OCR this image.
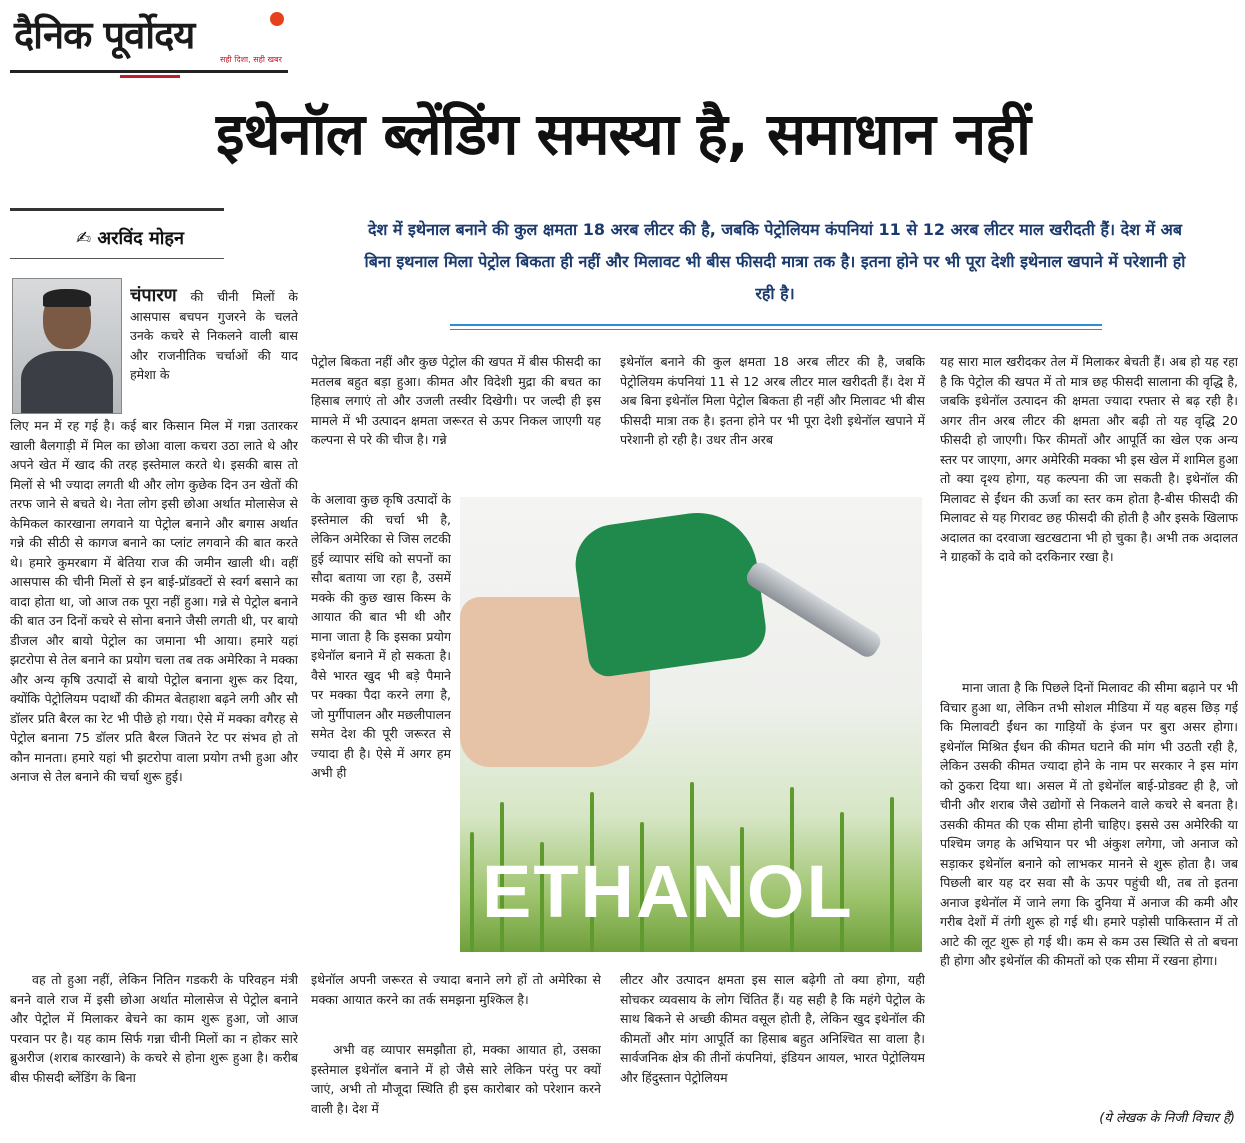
दैनिक पूर्वोदय
सही दिशा, सही खबर
इथेनॉल ब्लेंडिंग समस्या है, समाधान नहीं
✍ अरविंद मोहन	देश में इथेनाल बनाने की कुल क्षमता 18 अरब लीटर की है, जबकि पेट्रोलियम कंपनियां 11 से 12 अरब लीटर माल खरीदती हैं। देश में अब बिना इथनाल मिला पेट्रोल बिकता ही नहीं और मिलावट भी बीस फीसदी मात्रा तक है। इतना होने पर भी पूरा देशी इथेनाल खपाने में परेशानी हो रही है।
चंपारण की चीनी मिलों के आसपास बचपन गुजरने के चलते उनके कचरे से निकलने वाली बास और राजनीतिक चर्चाओं की याद हमेशा के
लिए मन में रह गई है। कई बार किसान मिल में गन्ना उतारकर खाली बैलगाड़ी में मिल का छोआ वाला कचरा उठा लाते थे और अपने खेत में खाद की तरह इस्तेमाल करते थे। इसकी बास तो मिलों से भी ज्यादा लगती थी और लोग कुछेक दिन उन खेतों की तरफ जाने से बचते थे। नेता लोग इसी छोआ अर्थात मोलासेज से केमिकल कारखाना लगवाने या पेट्रोल बनाने और बगास अर्थात गन्ने की सीठी से कागज बनाने का प्लांट लगवाने की बात करते थे। हमारे कुमरबाग में बेतिया राज की जमीन खाली थी। वहीं आसपास की चीनी मिलों से इन बाई-प्रॉडक्टों से स्वर्ग बसाने का वादा होता था, जो आज तक पूरा नहीं हुआ। गन्ने से पेट्रोल बनाने की बात उन दिनों कचरे से सोना बनाने जैसी लगती थी, पर बायो डीजल और बायो पेट्रोल का जमाना भी आया। हमारे यहां झटरोपा से तेल बनाने का प्रयोग चला तब तक अमेरिका ने मक्का और अन्य कृषि उत्पादों से बायो पेट्रोल बनाना शुरू कर दिया, क्योंकि पेट्रोलियम पदार्थों की कीमत बेतहाशा बढ़ने लगी और सौ डॉलर प्रति बैरल का रेट भी पीछे हो गया। ऐसे में मक्का वगैरह से पेट्रोल बनाना 75 डॉलर प्रति बैरल जितने रेट पर संभव हो तो कौन मानता। हमारे यहां भी झटरोपा वाला प्रयोग तभी हुआ और अनाज से तेल बनाने की चर्चा शुरू हुई।
वह तो हुआ नहीं, लेकिन नितिन गडकरी के परिवहन मंत्री बनने वाले राज में इसी छोआ अर्थात मोलासेज से पेट्रोल बनाने और पेट्रोल में मिलाकर बेचने का काम शुरू हुआ, जो आज परवान पर है। यह काम सिर्फ गन्ना चीनी मिलों का न होकर सारे ब्रुअरीज (शराब कारखाने) के कचरे से होना शुरू हुआ है। करीब बीस फीसदी ब्लेंडिंग के बिना
पेट्रोल बिकता नहीं और कुछ पेट्रोल की खपत में बीस फीसदी का मतलब बहुत बड़ा हुआ। कीमत और विदेशी मुद्रा की बचत का हिसाब लगाएं तो और उजली तस्वीर दिखेगी। पर जल्दी ही इस मामले में भी उत्पादन क्षमता जरूरत से ऊपर निकल जाएगी यह कल्पना से परे की चीज है। गन्ने
के अलावा कुछ कृषि उत्पादों के इस्तेमाल की चर्चा भी है, लेकिन अमेरिका से जिस लटकी हुई व्यापार संधि को सपनों का सौदा बताया जा रहा है, उसमें मक्के की कुछ खास किस्म के आयात की बात भी थी और माना जाता है कि इसका प्रयोग इथेनॉल बनाने में हो सकता है। वैसे भारत खुद भी बड़े पैमाने पर मक्का पैदा करने लगा है, जो मुर्गीपालन और मछलीपालन समेत देश की पूरी जरूरत से ज्यादा ही है। ऐसे में अगर हम अभी ही
इथेनॉल अपनी जरूरत से ज्यादा बनाने लगे हों तो अमेरिका से मक्का आयात करने का तर्क समझना मुश्किल है।
अभी वह व्यापार समझौता हो, मक्का आयात हो, उसका इस्तेमाल इथेनॉल बनाने में हो जैसे सारे लेकिन परंतु पर क्यों जाएं, अभी तो मौजूदा स्थिति ही इस कारोबार को परेशान करने वाली है। देश में
इथेनॉल बनाने की कुल क्षमता 18 अरब लीटर की है, जबकि पेट्रोलियम कंपनियां 11 से 12 अरब लीटर माल खरीदती हैं। देश में अब बिना इथेनॉल मिला पेट्रोल बिकता ही नहीं और मिलावट भी बीस फीसदी मात्रा तक है। इतना होने पर भी पूरा देशी इथेनॉल खपाने में परेशानी हो रही है। उधर तीन अरब
लीटर और उत्पादन क्षमता इस साल बढ़ेगी तो क्या होगा, यही सोचकर व्यवसाय के लोग चिंतित हैं। यह सही है कि महंगे पेट्रोल के साथ बिकने से अच्छी कीमत वसूल होती है, लेकिन खुद इथेनॉल की कीमतों और मांग आपूर्ति का हिसाब बहुत अनिश्चित सा वाला है। सार्वजनिक क्षेत्र की तीनों कंपनियां, इंडियन आयल, भारत पेट्रोलियम और हिंदुस्तान पेट्रोलियम
ETHANOL
यह सारा माल खरीदकर तेल में मिलाकर बेचती हैं। अब हो यह रहा है कि पेट्रोल की खपत में तो मात्र छह फीसदी सालाना की वृद्धि है, जबकि इथेनॉल उत्पादन की क्षमता ज्यादा रफ्तार से बढ़ रही है। अगर तीन अरब लीटर की क्षमता और बढ़ी तो यह वृद्धि 20 फीसदी हो जाएगी। फिर कीमतों और आपूर्ति का खेल एक अन्य स्तर पर जाएगा, अगर अमेरिकी मक्का भी इस खेल में शामिल हुआ तो क्या दृश्य होगा, यह कल्पना की जा सकती है। इथेनॉल की मिलावट से ईंधन की ऊर्जा का स्तर कम होता है-बीस फीसदी की मिलावट से यह गिरावट छह फीसदी की होती है और इसके खिलाफ अदालत का दरवाजा खटखटाना भी हो चुका है। अभी तक अदालत ने ग्राहकों के दावे को दरकिनार रखा है।
माना जाता है कि पिछले दिनों मिलावट की सीमा बढ़ाने पर भी विचार हुआ था, लेकिन तभी सोशल मीडिया में यह बहस छिड़ गई कि मिलावटी ईंधन का गाड़ियों के इंजन पर बुरा असर होगा। इथेनॉल मिश्रित ईंधन की कीमत घटाने की मांग भी उठती रही है, लेकिन उसकी कीमत ज्यादा होने के नाम पर सरकार ने इस मांग को ठुकरा दिया था। असल में तो इथेनॉल बाई-प्रोडक्ट ही है, जो चीनी और शराब जैसे उद्योगों से निकलने वाले कचरे से बनता है। उसकी कीमत की एक सीमा होनी चाहिए। इससे उस अमेरिकी या पश्चिम जगह के अभियान पर भी अंकुश लगेगा, जो अनाज को सड़ाकर इथेनॉल बनाने को लाभकर मानने से शुरू होता है। जब पिछली बार यह दर सवा सौ के ऊपर पहुंची थी, तब तो इतना अनाज इथेनॉल में जाने लगा कि दुनिया में अनाज की कमी और गरीब देशों में तंगी शुरू हो गई थी। हमारे पड़ोसी पाकिस्तान में तो आटे की लूट शुरू हो गई थी। कम से कम उस स्थिति से तो बचना ही होगा और इथेनॉल की कीमतों को एक सीमा में रखना होगा।
(ये लेखक के निजी विचार हैं)
